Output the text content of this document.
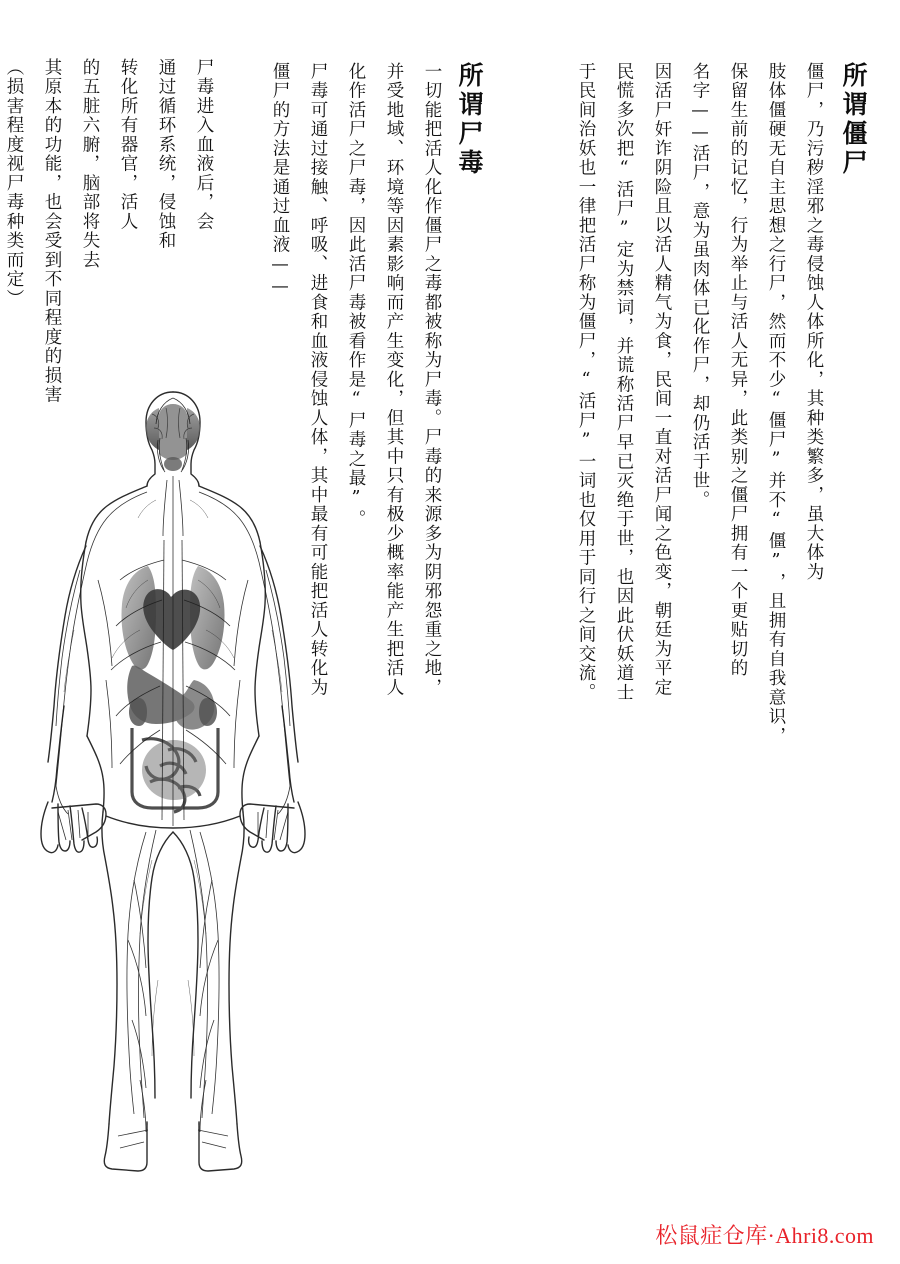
所谓僵尸
僵尸，乃污秽淫邪之毒侵蚀人体所化，其种类繁多，虽大体为
肢体僵硬无自主思想之行尸，然而不少“僵尸”并不“僵”，且拥有自我意识，
保留生前的记忆，行为举止与活人无异，此类别之僵尸拥有一个更贴切的
名字——活尸，意为虽肉体已化作尸，却仍活于世。
因活尸奸诈阴险且以活人精气为食，民间一直对活尸闻之色变，朝廷为平定
民慌多次把“活尸”定为禁词，并谎称活尸早已灭绝于世，也因此伏妖道士
于民间治妖也一律把活尸称为僵尸，“活尸”一词也仅用于同行之间交流。
所谓尸毒
一切能把活人化作僵尸之毒都被称为尸毒。尸毒的来源多为阴邪怨重之地，
并受地域、环境等因素影响而产生变化，但其中只有极少概率能产生把活人
化作活尸之尸毒，因此活尸毒被看作是“尸毒之最”。
尸毒可通过接触、呼吸、进食和血液侵蚀人体，其中最有可能把活人转化为
僵尸的方法是通过血液——
尸毒进入血液后，会
通过循环系统，侵蚀和
转化所有器官，活人
的五脏六腑，脑部将失去
其原本的功能，也会受到不同程度的损害
（损害程度视尸毒种类而定）
松鼠症仓库·Ahri8.com
